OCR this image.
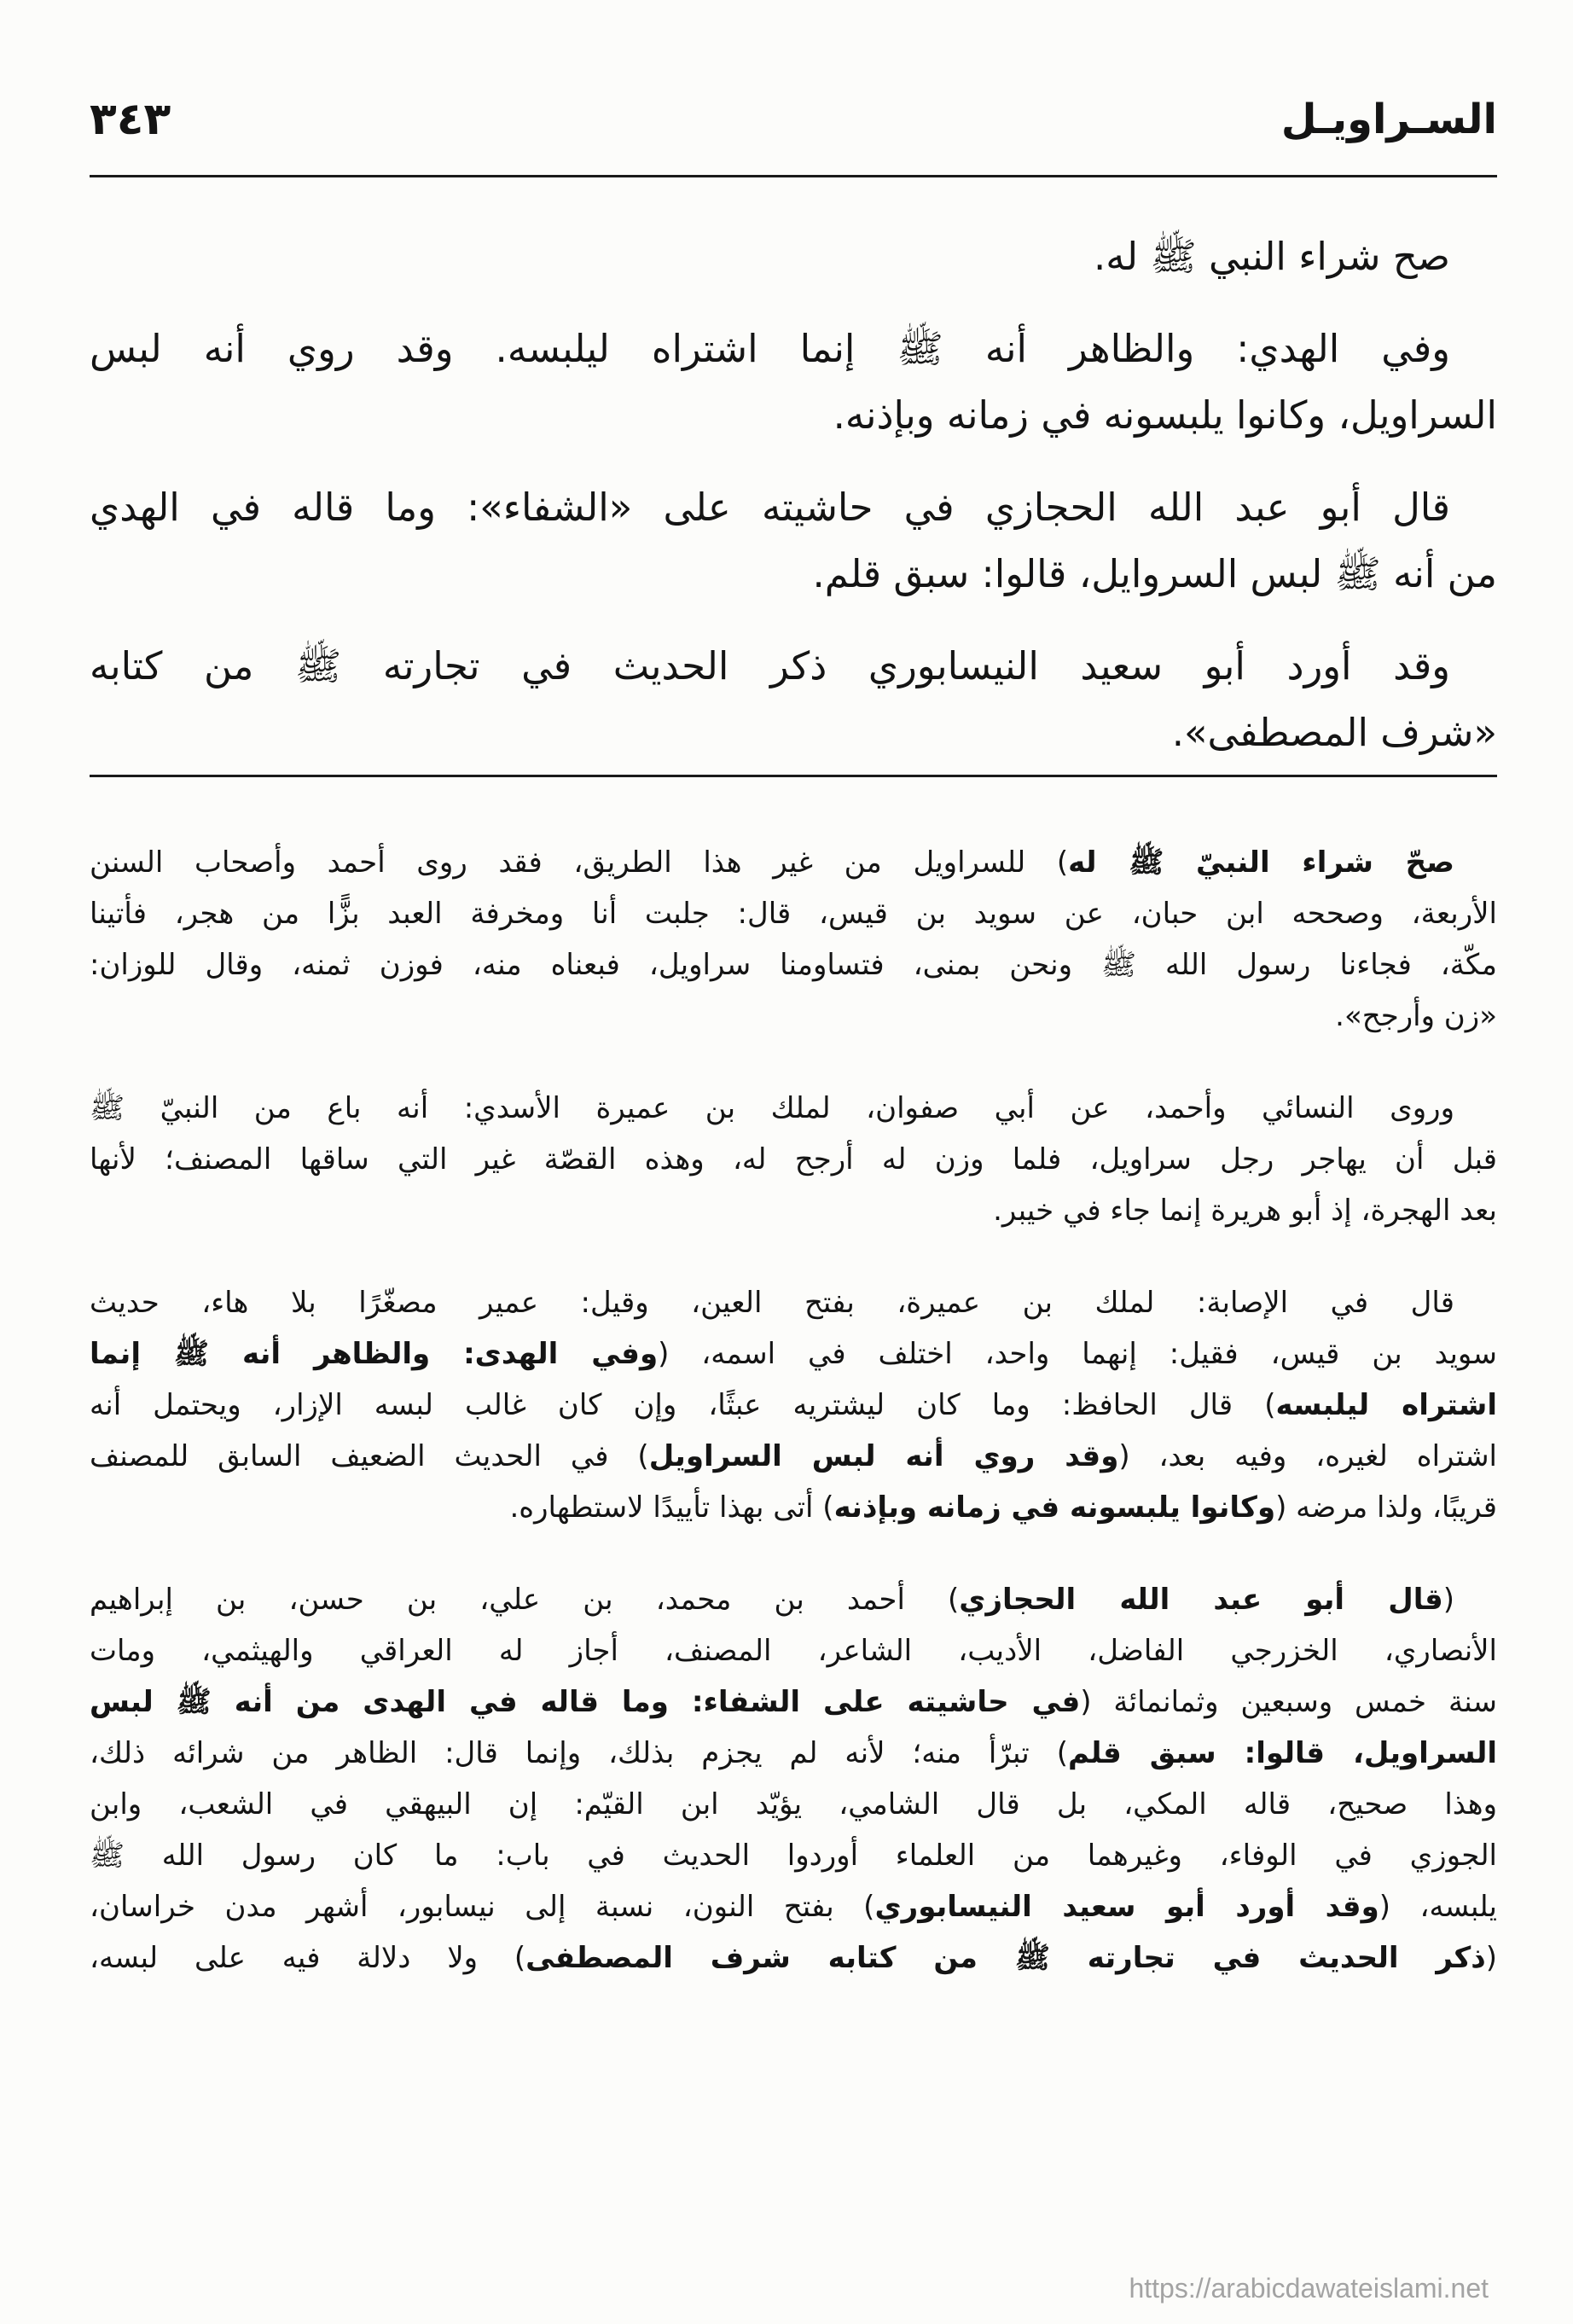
السـراويـل
٣٤٣
صح شراء النبي ﷺ له.
وفي الهدي: والظاهر أنه ﷺ إنما اشتراه ليلبسه. وقد روي أنه لبس
السراويل، وكانوا يلبسونه في زمانه وبإذنه.
قال أبو عبد الله الحجازي في حاشيته على «الشفاء»: وما قاله في الهدي
من أنه ﷺ لبس السروايل، قالوا: سبق قلم.
وقد أورد أبو سعيد النيسابوري ذكر الحديث في تجارته ﷺ من كتابه
«شرف المصطفى».
صحّ شراء النبيّ ﷺ له) للسراويل من غير هذا الطريق، فقد روى أحمد وأصحاب السنن
الأربعة، وصححه ابن حبان، عن سويد بن قيس، قال: جلبت أنا ومخرفة العبد بزًّا من هجر، فأتينا
مكّة، فجاءنا رسول الله ﷺ ونحن بمنى، فتساومنا سراويل، فبعناه منه، فوزن ثمنه، وقال للوزان:
«زن وأرجح».
وروى النسائي وأحمد، عن أبي صفوان، لملك بن عميرة الأسدي: أنه باع من النبيّ ﷺ
قبل أن يهاجر رجل سراويل، فلما وزن له أرجح له، وهذه القصّة غير التي ساقها المصنف؛ لأنها
بعد الهجرة، إذ أبو هريرة إنما جاء في خيبر.
قال في الإصابة: لملك بن عميرة، بفتح العين، وقيل: عمير مصغّرًا بلا هاء، حديث
سويد بن قيس، فقيل: إنهما واحد، اختلف في اسمه، (وفي الهدى: والظاهر أنه ﷺ إنما
اشتراه ليلبسه) قال الحافظ: وما كان ليشتريه عبثًا، وإن كان غالب لبسه الإزار، ويحتمل أنه
اشتراه لغيره، وفيه بعد، (وقد روي أنه لبس السراويل) في الحديث الضعيف السابق للمصنف
قريبًا، ولذا مرضه (وكانوا يلبسونه في زمانه وبإذنه) أتى بهذا تأييدًا لاستطهاره.
(قال أبو عبد الله الحجازي) أحمد بن محمد، بن علي، بن حسن، بن إبراهيم
الأنصاري، الخزرجي الفاضل، الأديب، الشاعر، المصنف، أجاز له العراقي والهيثمي، ومات
سنة خمس وسبعين وثمانمائة (في حاشيته على الشفاء: وما قاله في الهدى من أنه ﷺ لبس
السراويل، قالوا: سبق قلم) تبرّأ منه؛ لأنه لم يجزم بذلك، وإنما قال: الظاهر من شرائه ذلك،
وهذا صحيح، قاله المكي، بل قال الشامي، يؤيّد ابن القيّم: إن البيهقي في الشعب، وابن
الجوزي في الوفاء، وغيرهما من العلماء أوردوا الحديث في باب: ما كان رسول الله ﷺ
يلبسه، (وقد أورد أبو سعيد النيسابوري) بفتح النون، نسبة إلى نيسابور، أشهر مدن خراسان،
(ذكر الحديث في تجارته ﷺ من كتابه شرف المصطفى) ولا دلالة فيه على لبسه،
https://arabicdawateislami.net
